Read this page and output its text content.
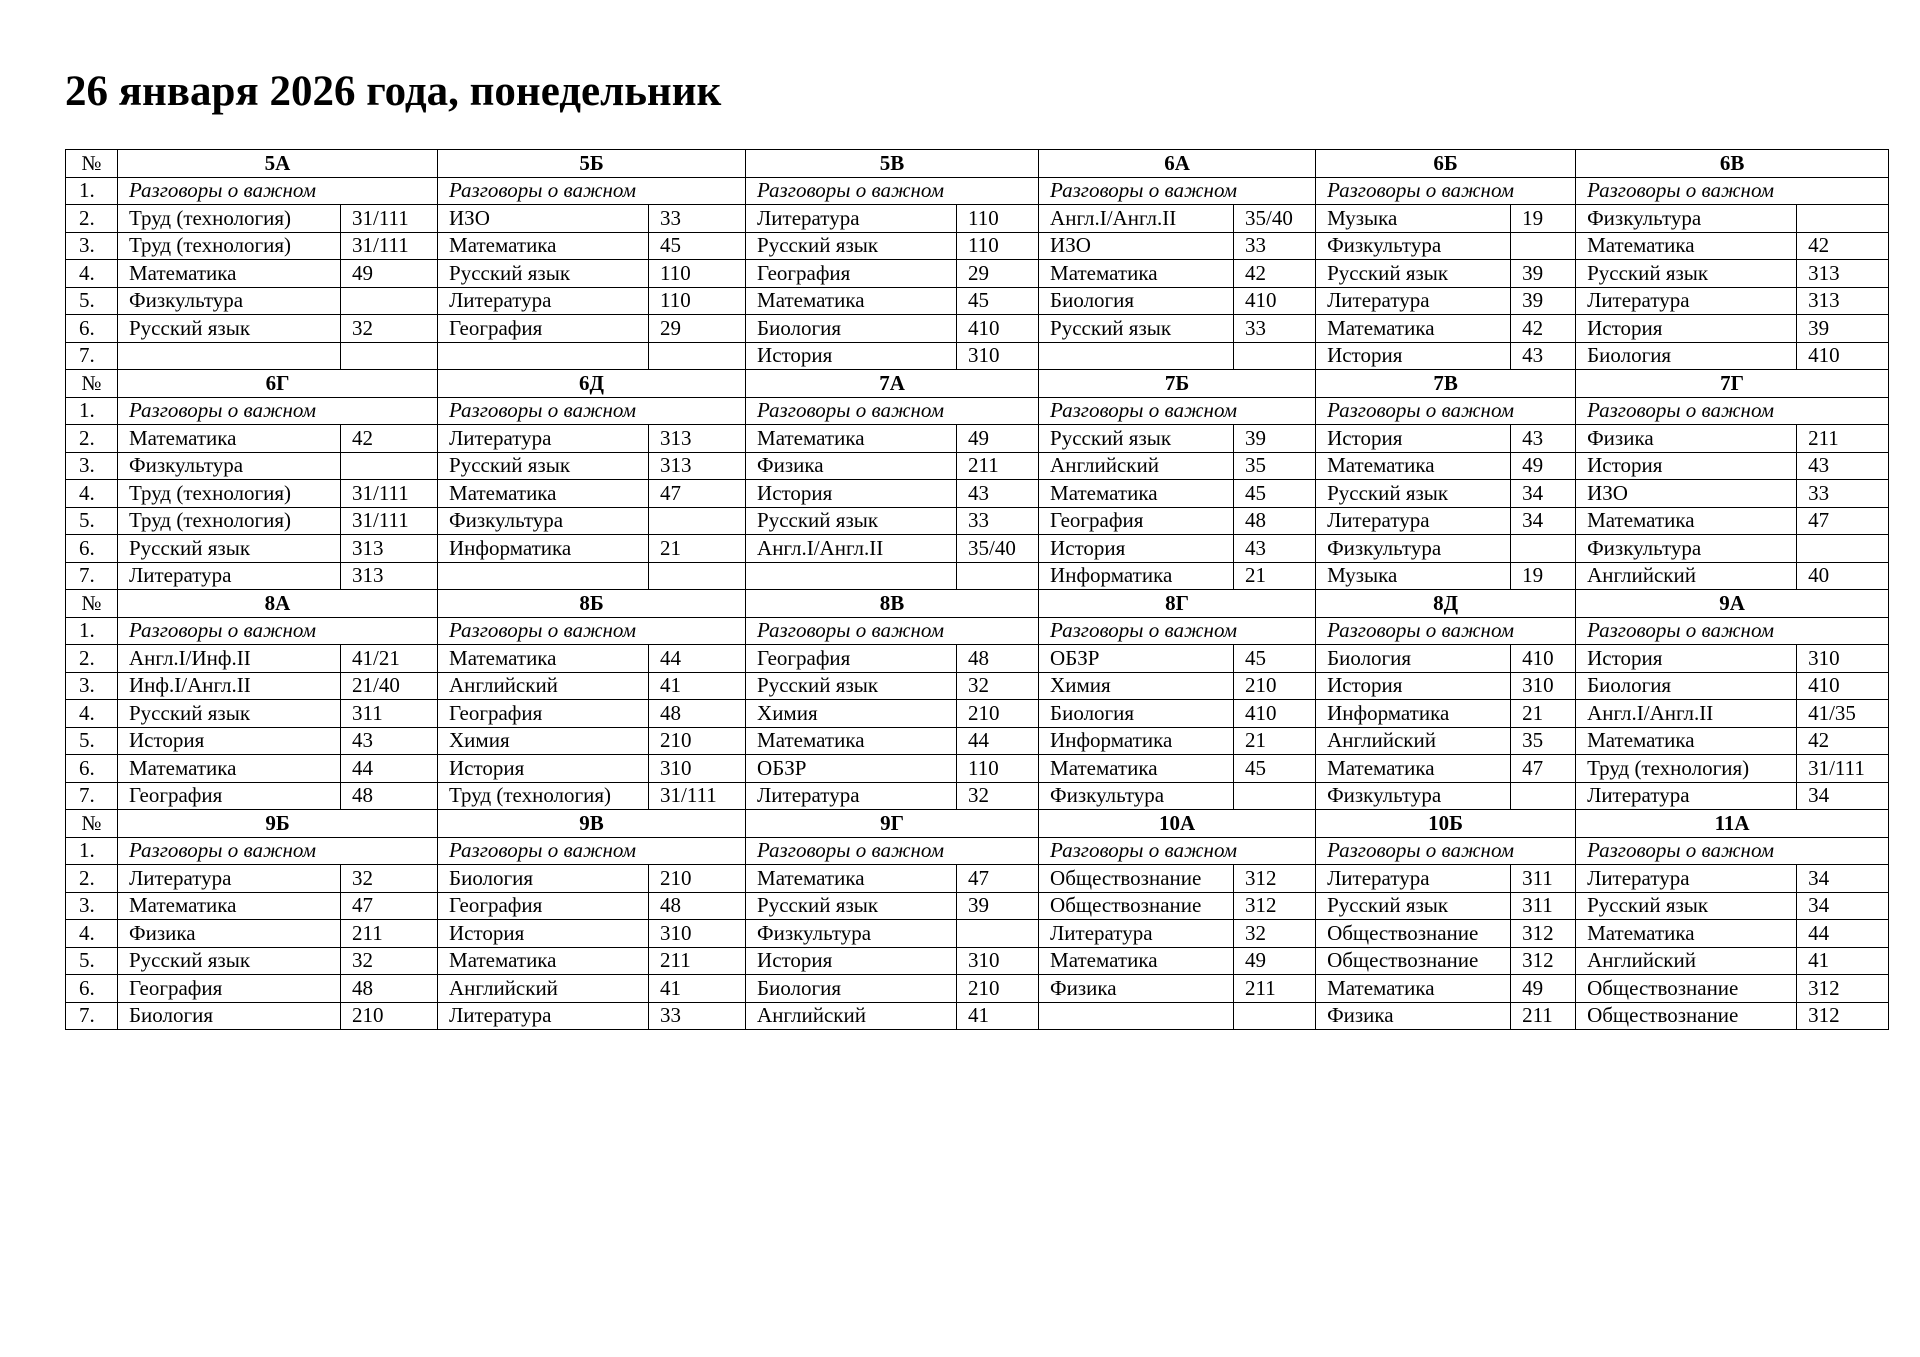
26 января 2026 года, понедельник
№	5А		5Б		5В		6А		6Б		6В	
1.	Разговоры о важном		Разговоры о важном		Разговоры о важном		Разговоры о важном		Разговоры о важном		Разговоры о важном	
2.	Труд (технология)	31/111	ИЗО	33	Литература	110	Англ.I/Англ.II	35/40	Музыка	19	Физкультура	
3.	Труд (технология)	31/111	Математика	45	Русский язык	110	ИЗО	33	Физкультура		Математика	42
4.	Математика	49	Русский язык	110	География	29	Математика	42	Русский язык	39	Русский язык	313
5.	Физкультура		Литература	110	Математика	45	Биология	410	Литература	39	Литература	313
6.	Русский язык	32	География	29	Биология	410	Русский язык	33	Математика	42	История	39
7.					История	310			История	43	Биология	410
№	6Г		6Д		7А		7Б		7В		7Г	
1.	Разговоры о важном		Разговоры о важном		Разговоры о важном		Разговоры о важном		Разговоры о важном		Разговоры о важном	
2.	Математика	42	Литература	313	Математика	49	Русский язык	39	История	43	Физика	211
3.	Физкультура		Русский язык	313	Физика	211	Английский	35	Математика	49	История	43
4.	Труд (технология)	31/111	Математика	47	История	43	Математика	45	Русский язык	34	ИЗО	33
5.	Труд (технология)	31/111	Физкультура		Русский язык	33	География	48	Литература	34	Математика	47
6.	Русский язык	313	Информатика	21	Англ.I/Англ.II	35/40	История	43	Физкультура		Физкультура	
7.	Литература	313					Информатика	21	Музыка	19	Английский	40
№	8А		8Б		8В		8Г		8Д		9А	
1.	Разговоры о важном		Разговоры о важном		Разговоры о важном		Разговоры о важном		Разговоры о важном		Разговоры о важном	
2.	Англ.I/Инф.II	41/21	Математика	44	География	48	ОБЗР	45	Биология	410	История	310
3.	Инф.I/Англ.II	21/40	Английский	41	Русский язык	32	Химия	210	История	310	Биология	410
4.	Русский язык	311	География	48	Химия	210	Биология	410	Информатика	21	Англ.I/Англ.II	41/35
5.	История	43	Химия	210	Математика	44	Информатика	21	Английский	35	Математика	42
6.	Математика	44	История	310	ОБЗР	110	Математика	45	Математика	47	Труд (технология)	31/111
7.	География	48	Труд (технология)	31/111	Литература	32	Физкультура		Физкультура		Литература	34
№	9Б		9В		9Г		10А		10Б		11А	
1.	Разговоры о важном		Разговоры о важном		Разговоры о важном		Разговоры о важном		Разговоры о важном		Разговоры о важном	
2.	Литература	32	Биология	210	Математика	47	Обществознание	312	Литература	311	Литература	34
3.	Математика	47	География	48	Русский язык	39	Обществознание	312	Русский язык	311	Русский язык	34
4.	Физика	211	История	310	Физкультура		Литература	32	Обществознание	312	Математика	44
5.	Русский язык	32	Математика	211	История	310	Математика	49	Обществознание	312	Английский	41
6.	География	48	Английский	41	Биология	210	Физика	211	Математика	49	Обществознание	312
7.	Биология	210	Литература	33	Английский	41			Физика	211	Обществознание	312
